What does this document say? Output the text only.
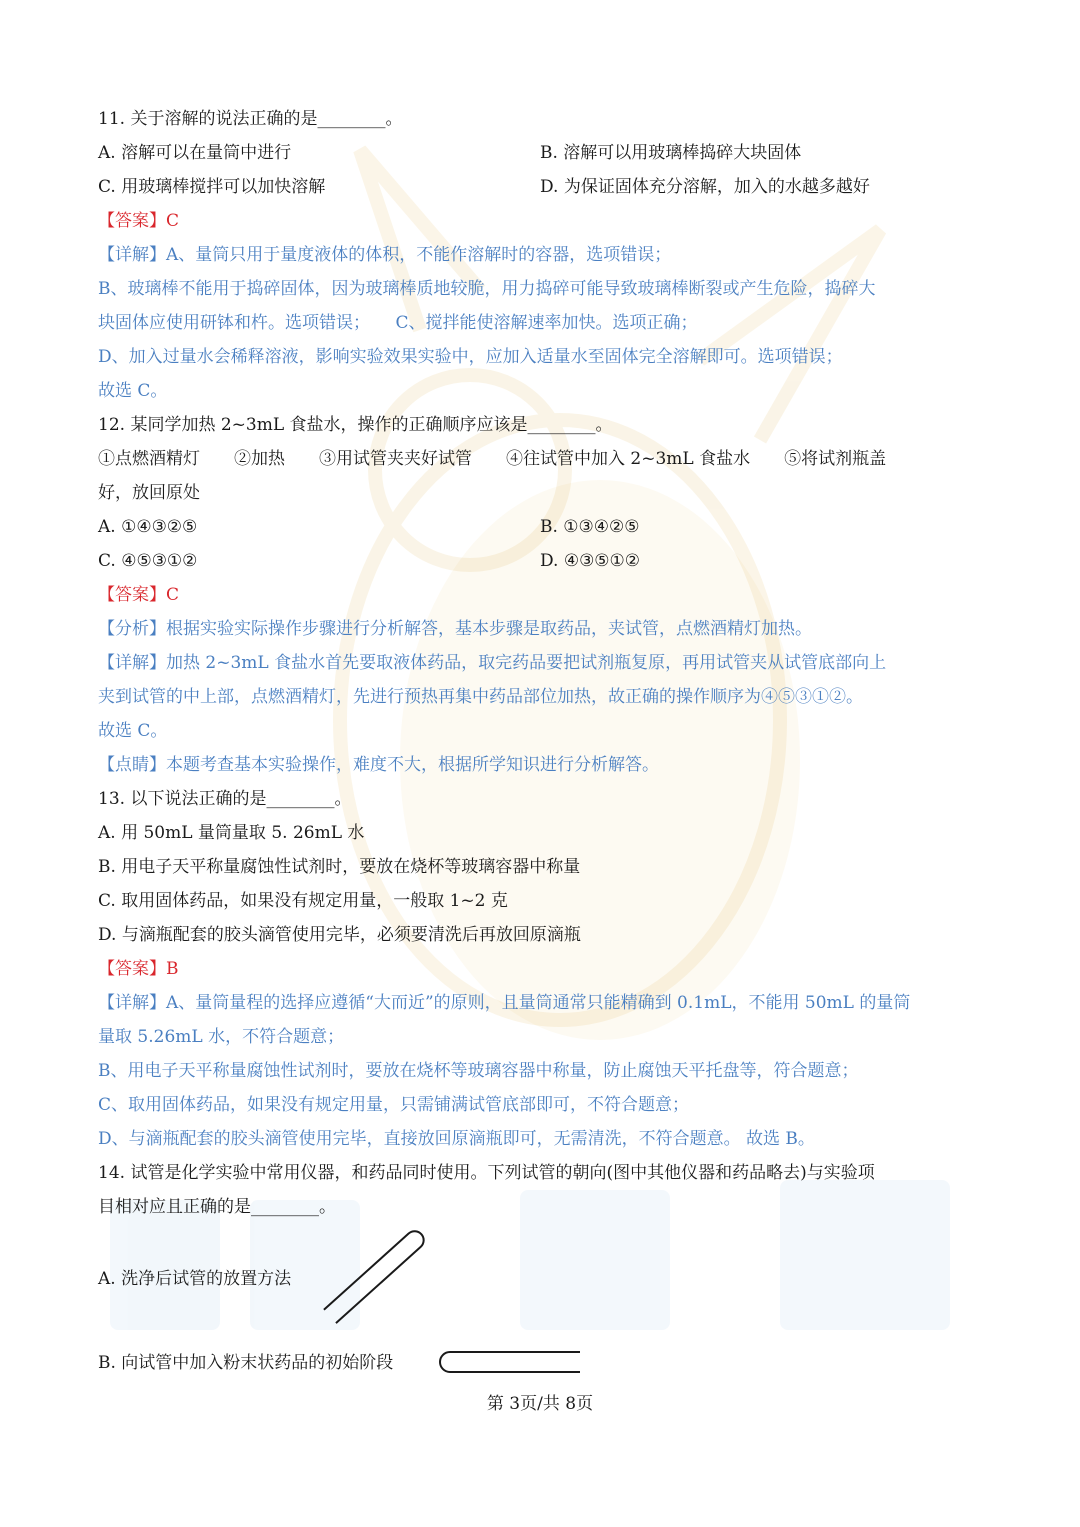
11. 关于溶解的说法正确的是________。
A. 溶解可以在量筒中进行	B. 溶解可以用玻璃棒捣碎大块固体
C. 用玻璃棒搅拌可以加快溶解	D. 为保证固体充分溶解，加入的水越多越好
【答案】C
【详解】A、量筒只用于量度液体的体积，不能作溶解时的容器，选项错误；
B、玻璃棒不能用于捣碎固体，因为玻璃棒质地较脆，用力捣碎可能导致玻璃棒断裂或产生危险，捣碎大
块固体应使用研钵和杵。选项错误；　　C、搅拌能使溶解速率加快。选项正确；
D、加入过量水会稀释溶液，影响实验效果实验中，应加入适量水至固体完全溶解即可。选项错误；
故选 C。
12. 某同学加热 2~3mL 食盐水，操作的正确顺序应该是________。
①点燃酒精灯　　②加热　　③用试管夹夹好试管　　④往试管中加入 2~3mL 食盐水　　⑤将试剂瓶盖
好，放回原处
A. ①④③②⑤	B. ①③④②⑤
C. ④⑤③①②	D. ④③⑤①②
【答案】C
【分析】根据实验实际操作步骤进行分析解答，基本步骤是取药品，夹试管，点燃酒精灯加热。
【详解】加热 2~3mL 食盐水首先要取液体药品，取完药品要把试剂瓶复原，再用试管夹从试管底部向上
夹到试管的中上部，点燃酒精灯，先进行预热再集中药品部位加热，故正确的操作顺序为④⑤③①②。
故选 C。
【点睛】本题考查基本实验操作，难度不大，根据所学知识进行分析解答。
13. 以下说法正确的是________。
A. 用 50mL 量筒量取 5. 26mL 水
B. 用电子天平称量腐蚀性试剂时，要放在烧杯等玻璃容器中称量
C. 取用固体药品，如果没有规定用量，一般取 1~2 克
D. 与滴瓶配套的胶头滴管使用完毕，必须要清洗后再放回原滴瓶
【答案】B
【详解】A、量筒量程的选择应遵循“大而近”的原则，且量筒通常只能精确到 0.1mL，不能用 50mL 的量筒
量取 5.26mL 水，不符合题意；
B、用电子天平称量腐蚀性试剂时，要放在烧杯等玻璃容器中称量，防止腐蚀天平托盘等，符合题意；
C、取用固体药品，如果没有规定用量，只需铺满试管底部即可，不符合题意；
D、与滴瓶配套的胶头滴管使用完毕，直接放回原滴瓶即可，无需清洗，不符合题意。 故选 B。
14. 试管是化学实验中常用仪器，和药品同时使用。下列试管的朝向(图中其他仪器和药品略去)与实验项
目相对应且正确的是________。
A. 洗净后试管的放置方法
B. 向试管中加入粉末状药品的初始阶段
第 3页/共 8页
